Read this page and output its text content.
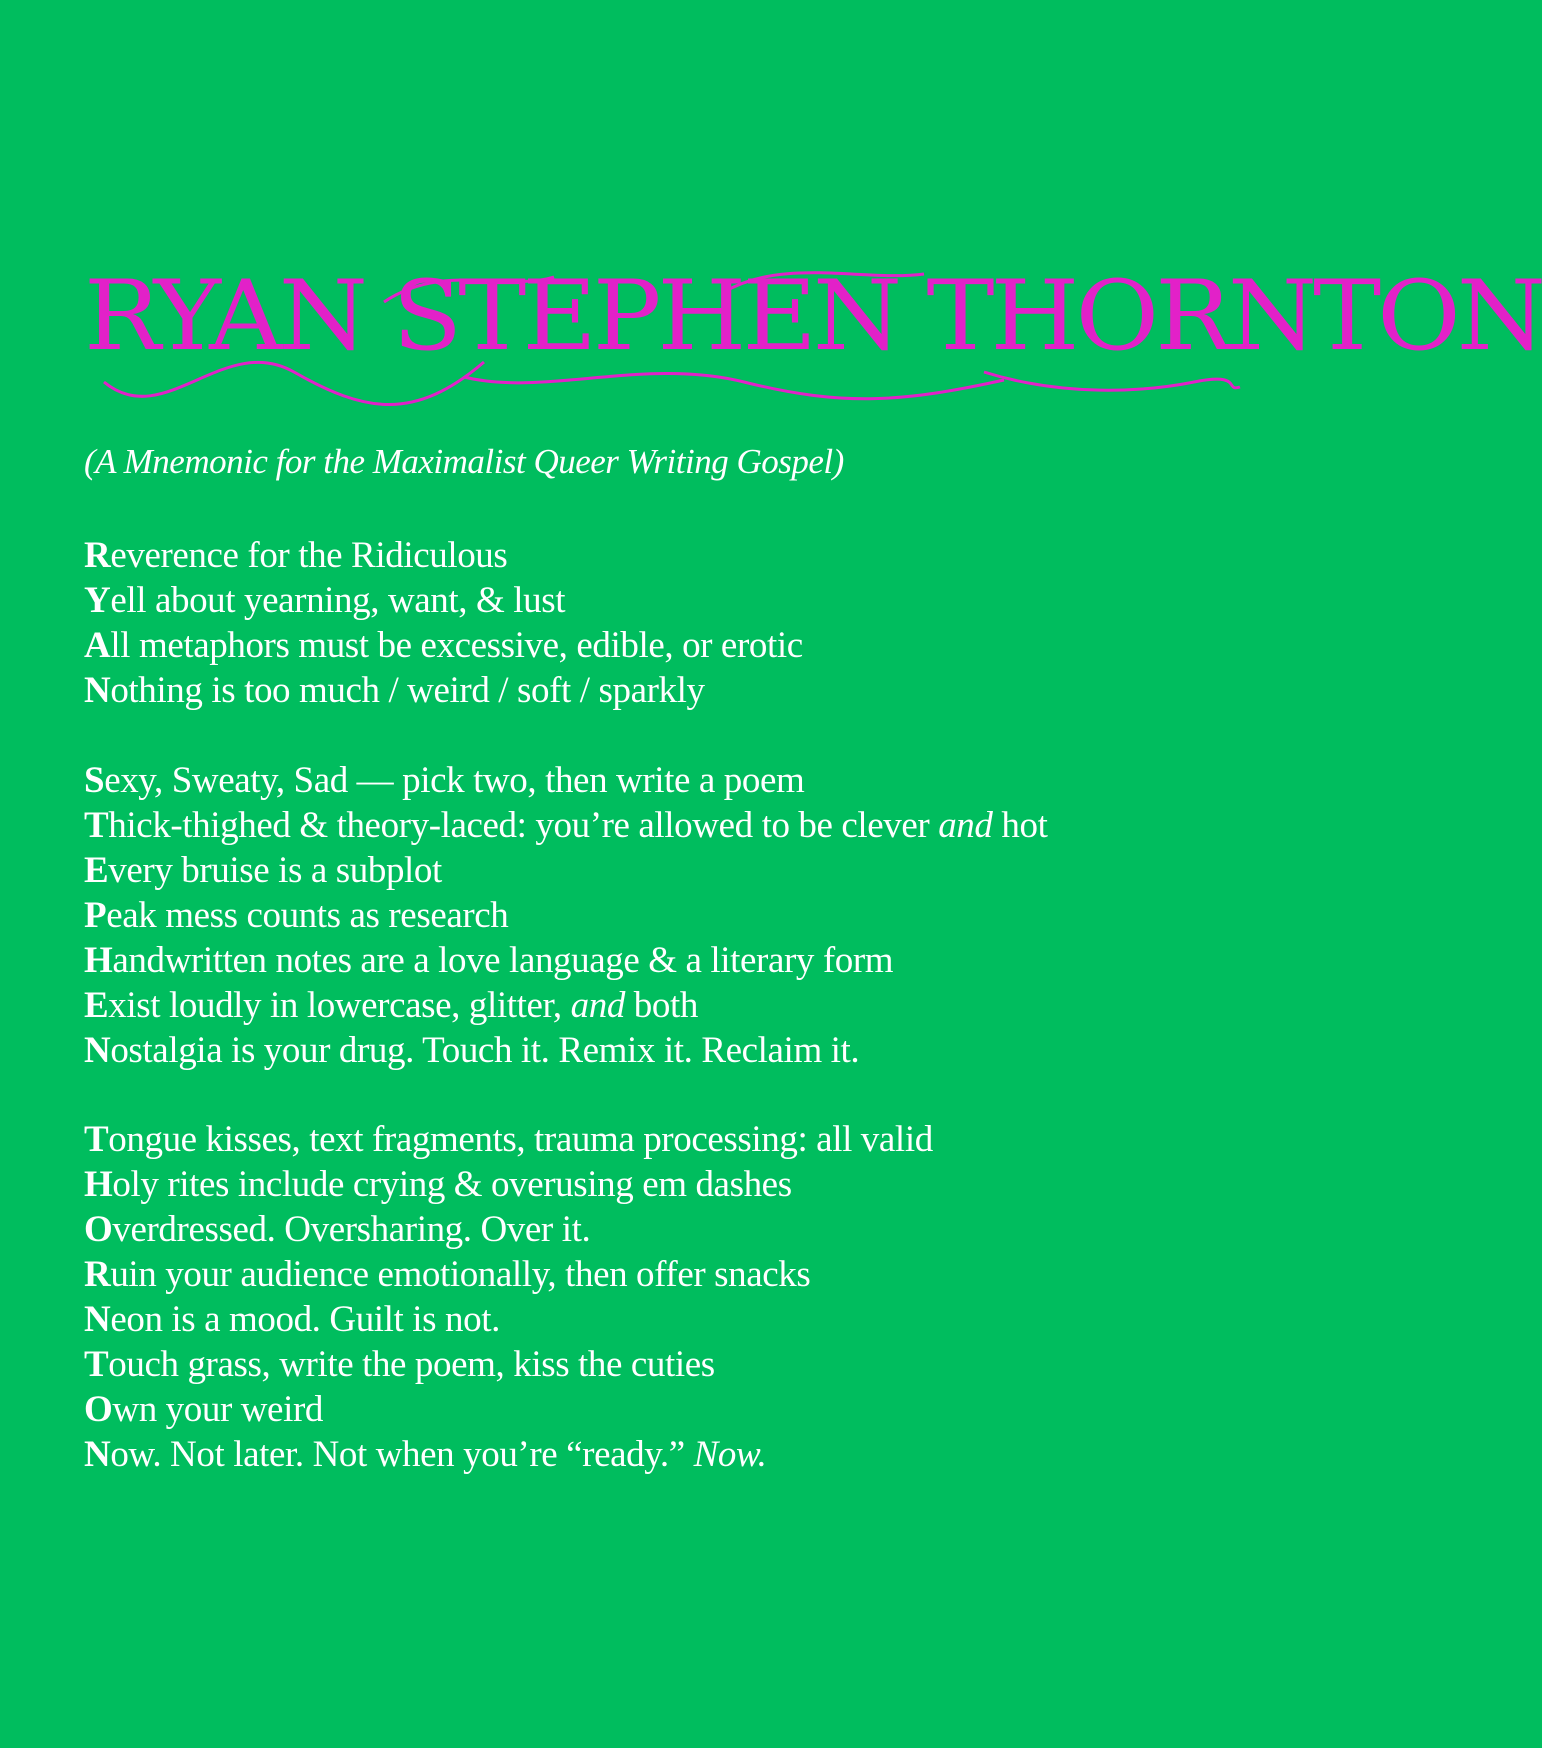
RYAN STEPHEN THORNTON
(A Mnemonic for the Maximalist Queer Writing Gospel)
Reverence for the Ridiculous
Yell about yearning, want, & lust
All metaphors must be excessive, edible, or erotic
Nothing is too much / weird / soft / sparkly
Sexy, Sweaty, Sad — pick two, then write a poem
Thick-thighed & theory-laced: you’re allowed to be clever and hot
Every bruise is a subplot
Peak mess counts as research
Handwritten notes are a love language & a literary form
Exist loudly in lowercase, glitter, and both
Nostalgia is your drug. Touch it. Remix it. Reclaim it.
Tongue kisses, text fragments, trauma processing: all valid
Holy rites include crying & overusing em dashes
Overdressed. Oversharing. Over it.
Ruin your audience emotionally, then offer snacks
Neon is a mood. Guilt is not.
Touch grass, write the poem, kiss the cuties
Own your weird
Now. Not later. Not when you’re “ready.” Now.
